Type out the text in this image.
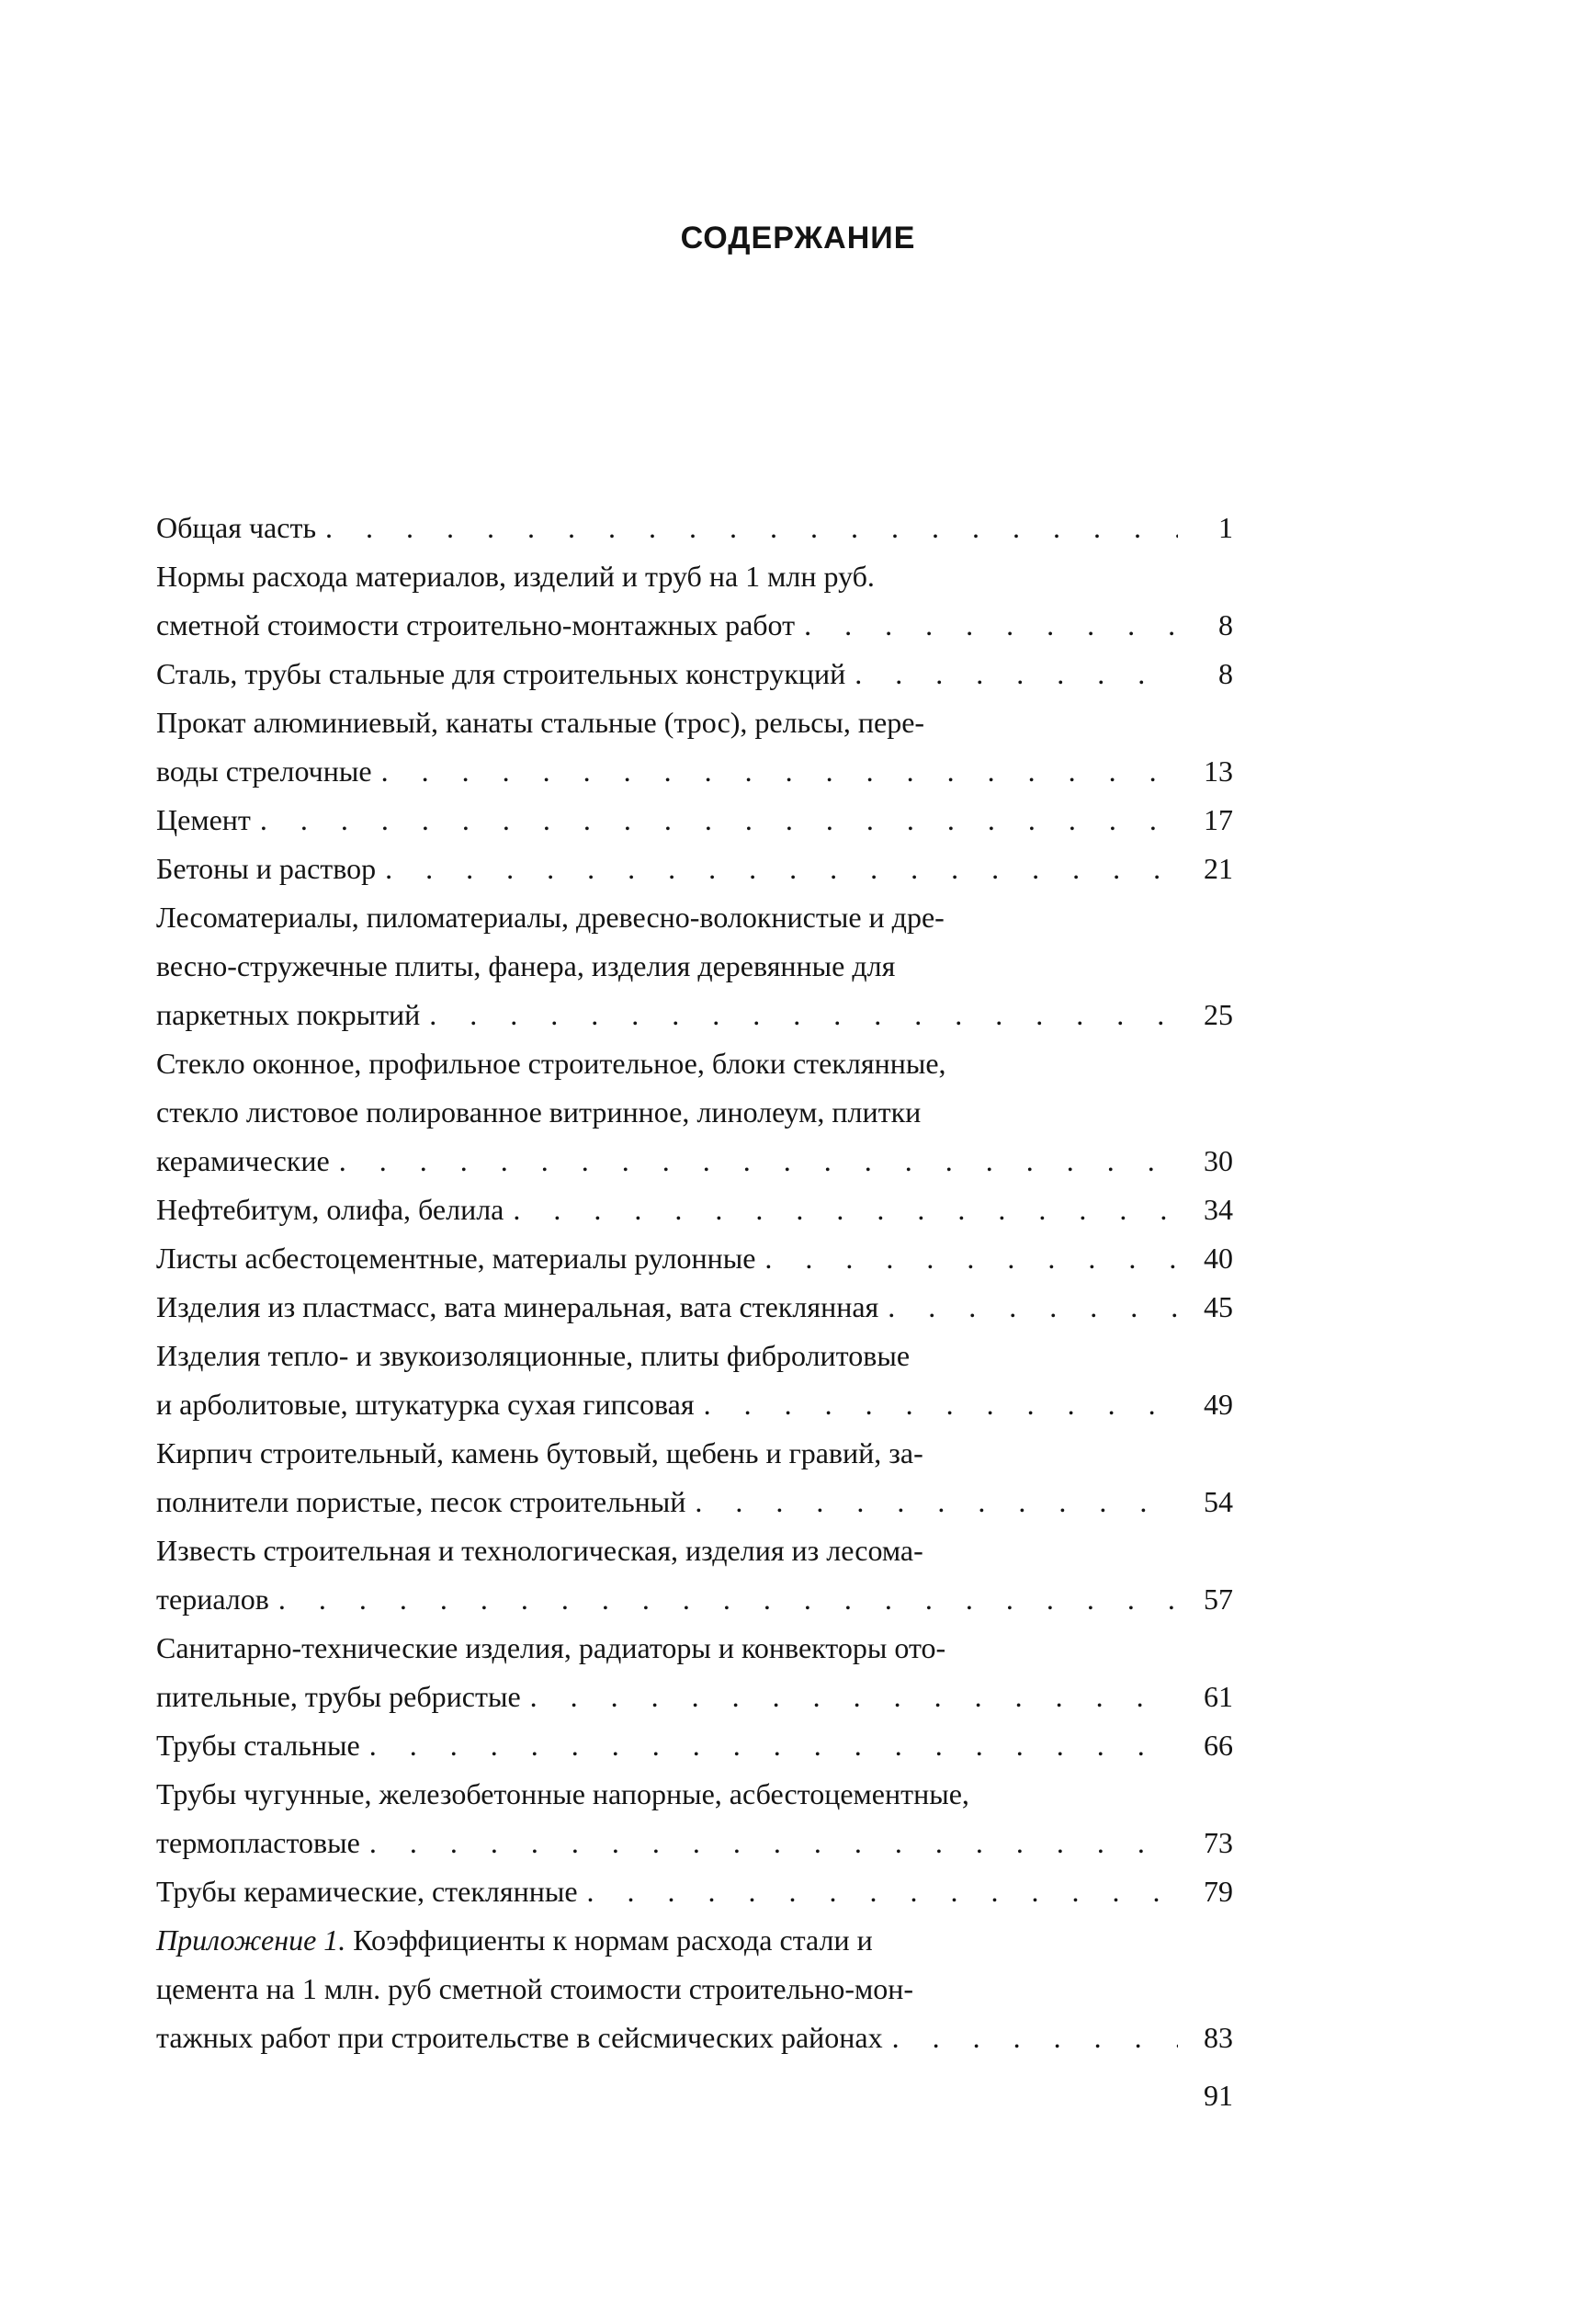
СОДЕРЖАНИЕ
Общая часть . . .	1
Нормы расхода материалов, изделий и труб на 1 млн руб.
сметной стоимости строительно-монтажных работ . . .	8
Сталь, трубы стальные для строительных конструкций . . .	8
Прокат алюминиевый, канаты стальные (трос), рельсы, пере-
воды стрелочные . . .	13
Цемент . . .	17
Бетоны и раствор . . .	21
Лесоматериалы, пиломатериалы, древесно-волокнистые и дре-
весно-стружечные плиты, фанера, изделия деревянные для
паркетных покрытий . . .	25
Стекло оконное, профильное строительное, блоки стеклянные,
стекло листовое полированное витринное, линолеум, плитки
керамические . . .	30
Нефтебитум, олифа, белила . . .	34
Листы асбестоцементные, материалы рулонные . . .	40
Изделия из пластмасс, вата минеральная, вата стеклянная . . .	45
Изделия тепло- и звукоизоляционные, плиты фибролитовые
и арболитовые, штукатурка сухая гипсовая . . .	49
Кирпич строительный, камень бутовый, щебень и гравий, за-
полнители пористые, песок строительный . . .	54
Известь строительная и технологическая, изделия из лесома-
териалов . . .	57
Санитарно-технические изделия, радиаторы и конвекторы ото-
пительные, трубы ребристые . . .	61
Трубы стальные . . .	66
Трубы чугунные, железобетонные напорные, асбестоцементные,
термопластовые . . .	73
Трубы керамические, стеклянные . . .	79
Приложение 1. Коэффициенты к нормам расхода стали и
цемента на 1 млн. руб сметной стоимости строительно-мон-
тажных работ при строительстве в сейсмических районах . . .	83
91
